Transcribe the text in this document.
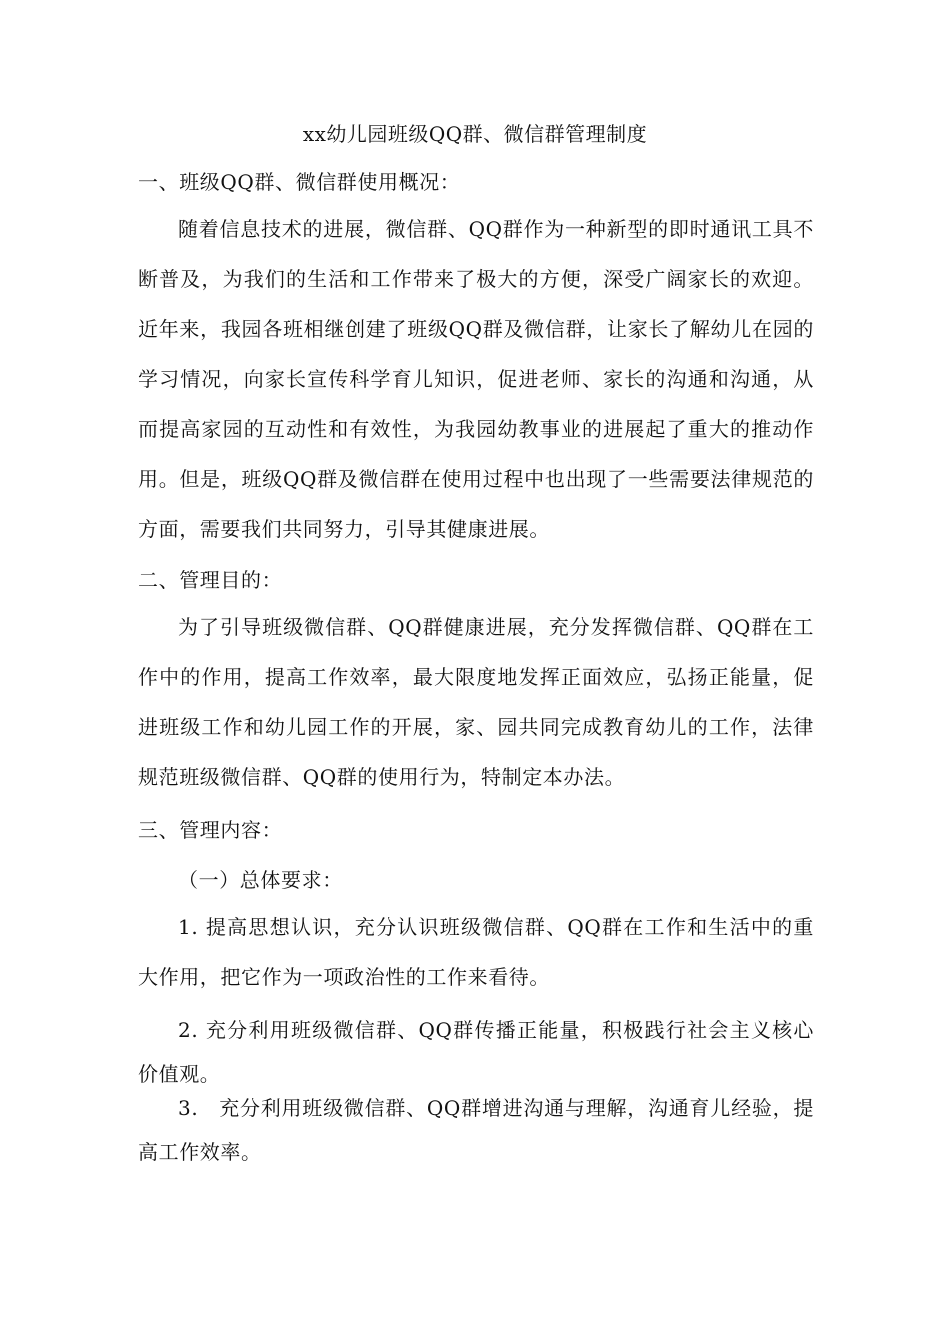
xx幼儿园班级QQ群、微信群管理制度
一、班级QQ群、微信群使用概况：
随着信息技术的进展，微信群、QQ群作为一种新型的即时通讯工具不断普及，为我们的生活和工作带来了极大的方便，深受广阔家长的欢迎。近年来，我园各班相继创建了班级QQ群及微信群，让家长了解幼儿在园的学习情况，向家长宣传科学育儿知识，促进老师、家长的沟通和沟通，从而提高家园的互动性和有效性，为我园幼教事业的进展起了重大的推动作用。但是，班级QQ群及微信群在使用过程中也出现了一些需要法律规范的方面，需要我们共同努力，引导其健康进展。
二、管理目的：
为了引导班级微信群、QQ群健康进展，充分发挥微信群、QQ群在工作中的作用，提高工作效率，最大限度地发挥正面效应，弘扬正能量，促进班级工作和幼儿园工作的开展，家、园共同完成教育幼儿的工作，法律规范班级微信群、QQ群的使用行为，特制定本办法。
三、管理内容：
（一）总体要求：
1. 提高思想认识，充分认识班级微信群、QQ群在工作和生活中的重大作用，把它作为一项政治性的工作来看待。
2. 充分利用班级微信群、QQ群传播正能量，积极践行社会主义核心价值观。
3.　充分利用班级微信群、QQ群增进沟通与理解，沟通育儿经验，提高工作效率。
